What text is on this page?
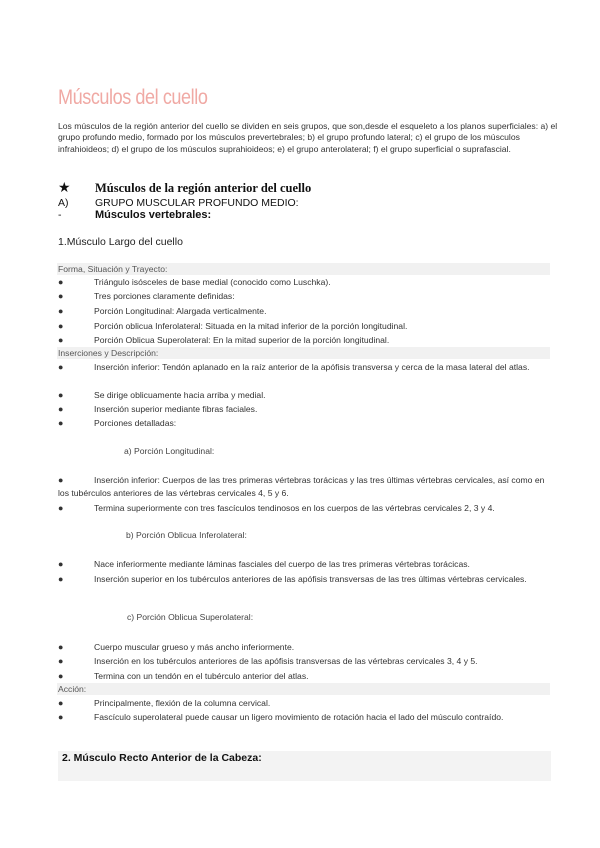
Músculos del cuello
Los músculos de la región anterior del cuello se dividen en seis grupos, que son,desde el esqueleto a los planos superficiales: a) el grupo profundo medio, formado por los músculos prevertebrales; b) el grupo profundo lateral; c) el grupo de los músculos infrahioideos; d) el grupo de los músculos suprahioideos; e) el grupo anterolateral; f) el grupo superficial o suprafascial.
★ Músculos de la región anterior del cuello
A)	GRUPO MUSCULAR PROFUNDO MEDIO:
-	Músculos vertebrales:
1.Músculo Largo del cuello
Forma, Situación y Trayecto:
●	Triángulo isósceles de base medial (conocido como Luschka).
●	Tres porciones claramente definidas:
●	Porción Longitudinal: Alargada verticalmente.
●	Porción oblicua Inferolateral: Situada en la mitad inferior de la porción longitudinal.
●	Porción Oblicua Superolateral: En la mitad superior de la porción longitudinal.
Inserciones y Descripción:
●	Inserción inferior: Tendón aplanado en la raíz anterior de la apófisis transversa y cerca de la masa lateral del atlas.
●	Se dirige oblicuamente hacia arriba y medial.
●	Inserción superior mediante fibras faciales.
●	Porciones detalladas:
a) Porción Longitudinal:
●	Inserción inferior: Cuerpos de las tres primeras vértebras torácicas y las tres últimas vértebras cervicales, así como en los tubérculos anteriores de las vértebras cervicales 4, 5 y 6.
●	Termina superiormente con tres fascículos tendinosos en los cuerpos de las vértebras cervicales 2, 3 y 4.
b) Porción Oblicua Inferolateral:
●	Nace inferiormente mediante láminas fasciales del cuerpo de las tres primeras vértebras torácicas.
●	Inserción superior en los tubérculos anteriores de las apófisis transversas de las tres últimas vértebras cervicales.
c) Porción Oblicua Superolateral:
●	Cuerpo muscular grueso y más ancho inferiormente.
●	Inserción en los tubérculos anteriores de las apófisis transversas de las vértebras cervicales 3, 4 y 5.
●	Termina con un tendón en el tubérculo anterior del atlas.
Acción:
●	Principalmente, flexión de la columna cervical.
●	Fascículo superolateral puede causar un ligero movimiento de rotación hacia el lado del músculo contraído.
2. Músculo Recto Anterior de la Cabeza:
